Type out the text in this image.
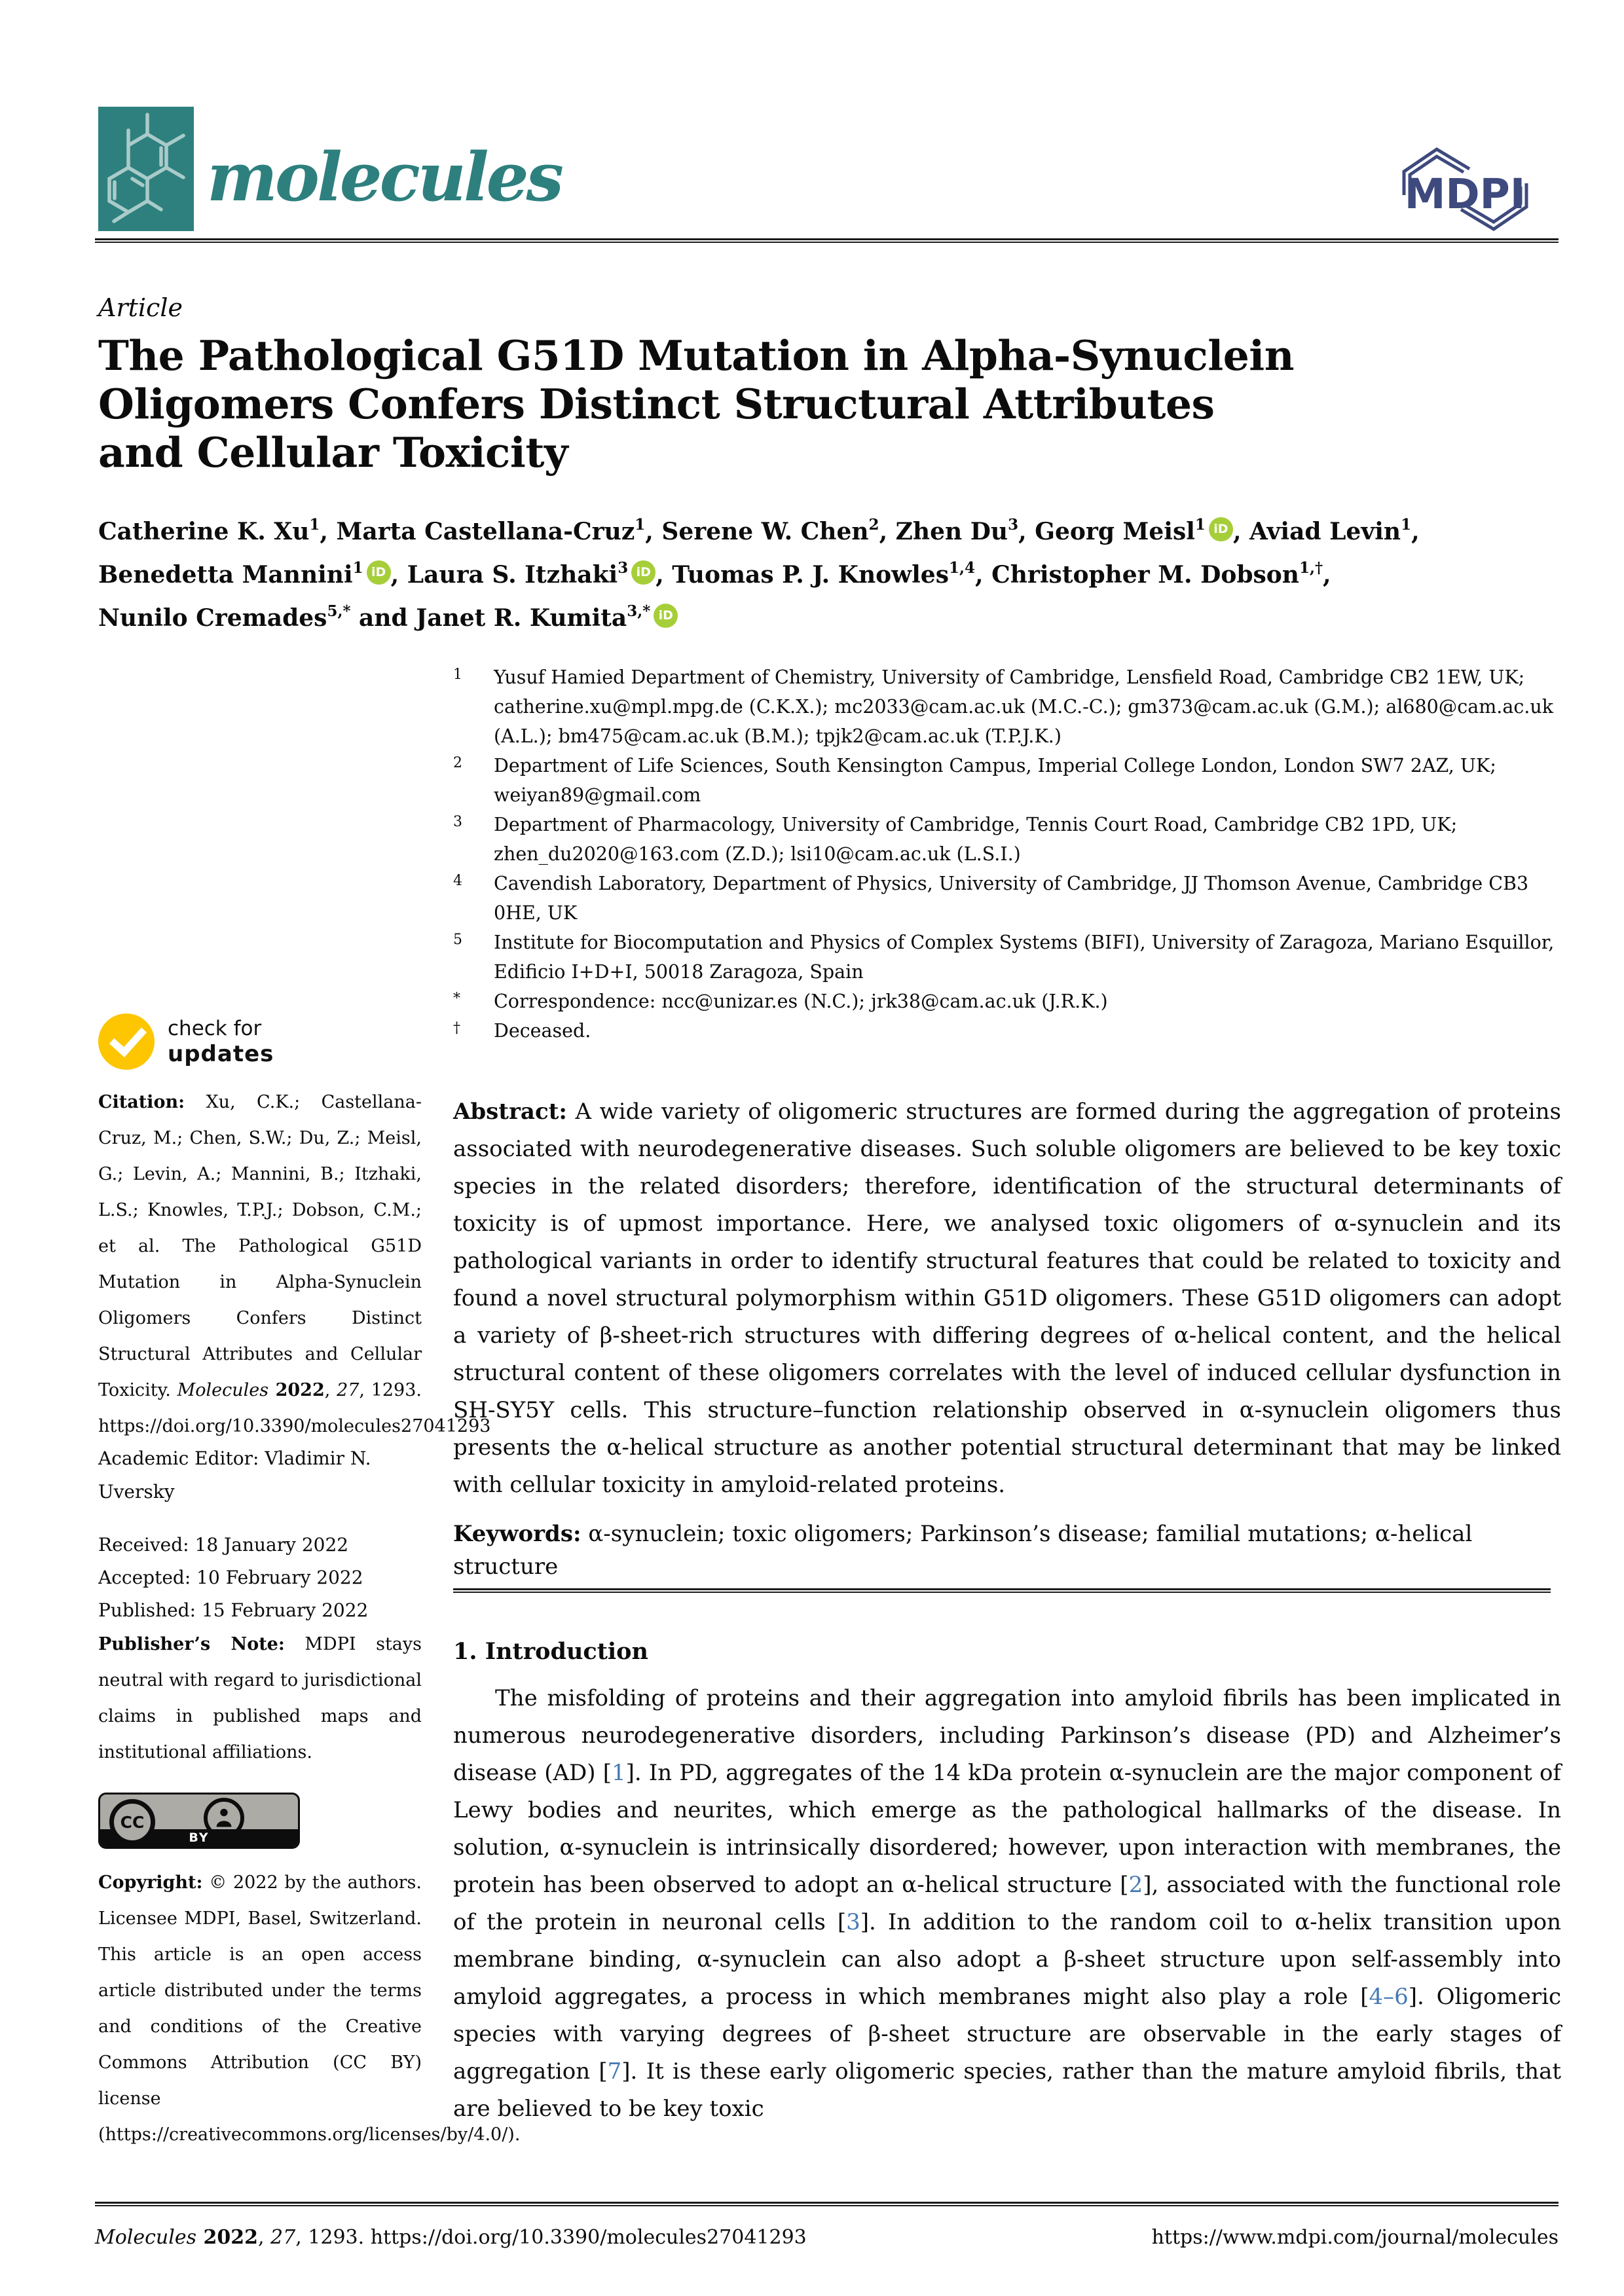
molecules	MDPI
Article
The Pathological G51D Mutation in Alpha-Synuclein
Oligomers Confers Distinct Structural Attributes
and Cellular Toxicity
Catherine K. Xu$^1$, Marta Castellana-Cruz$^1$, Serene W. Chen$^2$, Zhen Du$^3$, Georg Meisl$^1$ iD , Aviad Levin$^1$,
Benedetta Mannini$^1$ iD , Laura S. Itzhaki$^3$ iD , Tuomas P. J. Knowles$^{1,4}$, Christopher M. Dobson$^{1,\dagger}$,
Nunilo Cremades$^{5,*}$ and Janet R. Kumita$^{3,*}$ iD
1	Yusuf Hamied Department of Chemistry, University of Cambridge, Lensfield Road, Cambridge CB2 1EW, UK; catherine.xu@mpl.mpg.de (C.K.X.); mc2033@cam.ac.uk (M.C.-C.); gm373@cam.ac.uk (G.M.); al680@cam.ac.uk (A.L.); bm475@cam.ac.uk (B.M.); tpjk2@cam.ac.uk (T.P.J.K.)
2	Department of Life Sciences, South Kensington Campus, Imperial College London, London SW7 2AZ, UK; weiyan89@gmail.com
3	Department of Pharmacology, University of Cambridge, Tennis Court Road, Cambridge CB2 1PD, UK; zhen_du2020@163.com (Z.D.); lsi10@cam.ac.uk (L.S.I.)
4	Cavendish Laboratory, Department of Physics, University of Cambridge, JJ Thomson Avenue, Cambridge CB3 0HE, UK
5	Institute for Biocomputation and Physics of Complex Systems (BIFI), University of Zaragoza, Mariano Esquillor, Edificio I+D+I, 50018 Zaragoza, Spain
*	Correspondence: ncc@unizar.es (N.C.); jrk38@cam.ac.uk (J.R.K.)
†	Deceased.
check for
updates
Citation: Xu, C.K.; Castellana-Cruz, M.; Chen, S.W.; Du, Z.; Meisl, G.; Levin, A.; Mannini, B.; Itzhaki, L.S.; Knowles, T.P.J.; Dobson, C.M.; et al. The Pathological G51D Mutation in Alpha-Synuclein Oligomers Confers Distinct Structural Attributes and Cellular Toxicity. Molecules 2022, 27, 1293. https://doi.org/10.3390/molecules27041293
Academic Editor: Vladimir N. Uversky
Received: 18 January 2022
Accepted: 10 February 2022
Published: 15 February 2022
Publisher’s Note: MDPI stays neutral with regard to jurisdictional claims in published maps and institutional affiliations.
CC
BY
Copyright: © 2022 by the authors. Licensee MDPI, Basel, Switzerland. This article is an open access article distributed under the terms and conditions of the Creative Commons Attribution (CC BY) license (https://creativecommons.org/licenses/by/4.0/).
Abstract: A wide variety of oligomeric structures are formed during the aggregation of proteins associated with neurodegenerative diseases. Such soluble oligomers are believed to be key toxic species in the related disorders; therefore, identification of the structural determinants of toxicity is of upmost importance. Here, we analysed toxic oligomers of α-synuclein and its pathological variants in order to identify structural features that could be related to toxicity and found a novel structural polymorphism within G51D oligomers. These G51D oligomers can adopt a variety of β-sheet-rich structures with differing degrees of α-helical content, and the helical structural content of these oligomers correlates with the level of induced cellular dysfunction in SH-SY5Y cells. This structure–function relationship observed in α-synuclein oligomers thus presents the α-helical structure as another potential structural determinant that may be linked with cellular toxicity in amyloid-related proteins.
Keywords: α-synuclein; toxic oligomers; Parkinson’s disease; familial mutations; α-helical structure
1. Introduction
The misfolding of proteins and their aggregation into amyloid fibrils has been implicated in numerous neurodegenerative disorders, including Parkinson’s disease (PD) and Alzheimer’s disease (AD) [1]. In PD, aggregates of the 14 kDa protein α-synuclein are the major component of Lewy bodies and neurites, which emerge as the pathological hallmarks of the disease. In solution, α-synuclein is intrinsically disordered; however, upon interaction with membranes, the protein has been observed to adopt an α-helical structure [2], associated with the functional role of the protein in neuronal cells [3]. In addition to the random coil to α-helix transition upon membrane binding, α-synuclein can also adopt a β-sheet structure upon self-assembly into amyloid aggregates, a process in which membranes might also play a role [4–6]. Oligomeric species with varying degrees of β-sheet structure are observable in the early stages of aggregation [7]. It is these early oligomeric species, rather than the mature amyloid fibrils, that are believed to be key toxic
Molecules 2022, 27, 1293. https://doi.org/10.3390/molecules27041293	https://www.mdpi.com/journal/molecules
